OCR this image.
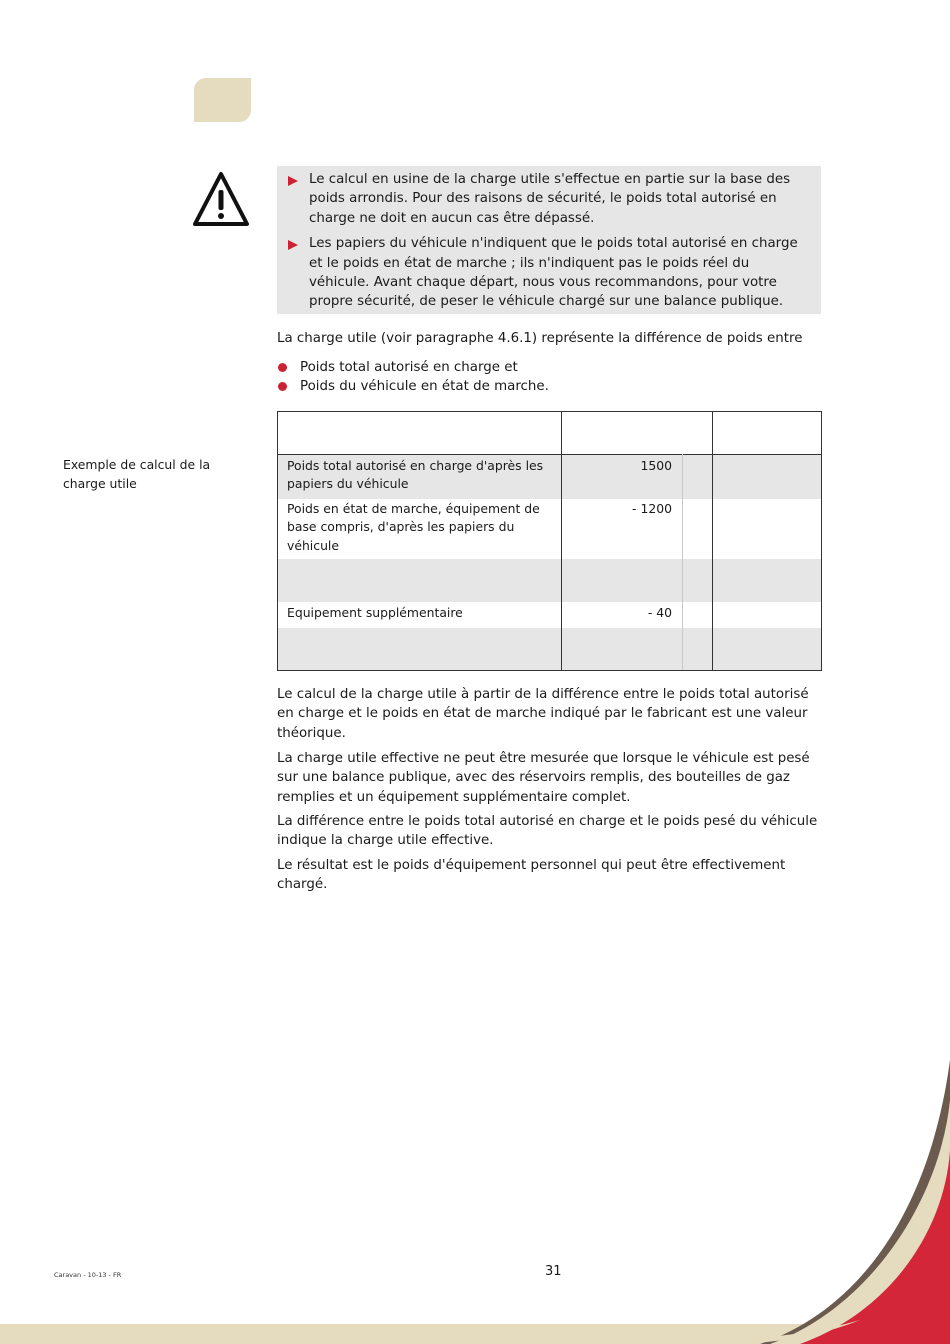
Le calcul en usine de la charge utile s'effectue en partie sur la base des poids arrondis. Pour des raisons de sécurité, le poids total autorisé en charge ne doit en aucun cas être dépassé.
Les papiers du véhicule n'indiquent que le poids total autorisé en charge et le poids en état de marche ; ils n'indiquent pas le poids réel du véhicule. Avant chaque départ, nous vous recommandons, pour votre propre sécurité, de peser le véhicule chargé sur une balance publique.

La charge utile (voir paragraphe 4.6.1) représente la différence de poids entre

Poids total autorisé en charge et
Poids du véhicule en état de marche.
Exemple de calcul de la charge utile
Poids total autorisé en charge d'après les papiers du véhicule
1500
Poids en état de marche, équipement de base compris, d'après les papiers du véhicule
- 1200
Equipement supplémentaire	- 40

Le calcul de la charge utile à partir de la différence entre le poids total autorisé en charge et le poids en état de marche indiqué par le fabricant est une valeur théorique.

La charge utile effective ne peut être mesurée que lorsque le véhicule est pesé sur une balance publique, avec des réservoirs remplis, des bouteilles de gaz remplies et un équipement supplémentaire complet.

La différence entre le poids total autorisé en charge et le poids pesé du véhicule indique la charge utile effective.

Le résultat est le poids d'équipement personnel qui peut être effectivement chargé.

Caravan - 10-13 - FR	31
